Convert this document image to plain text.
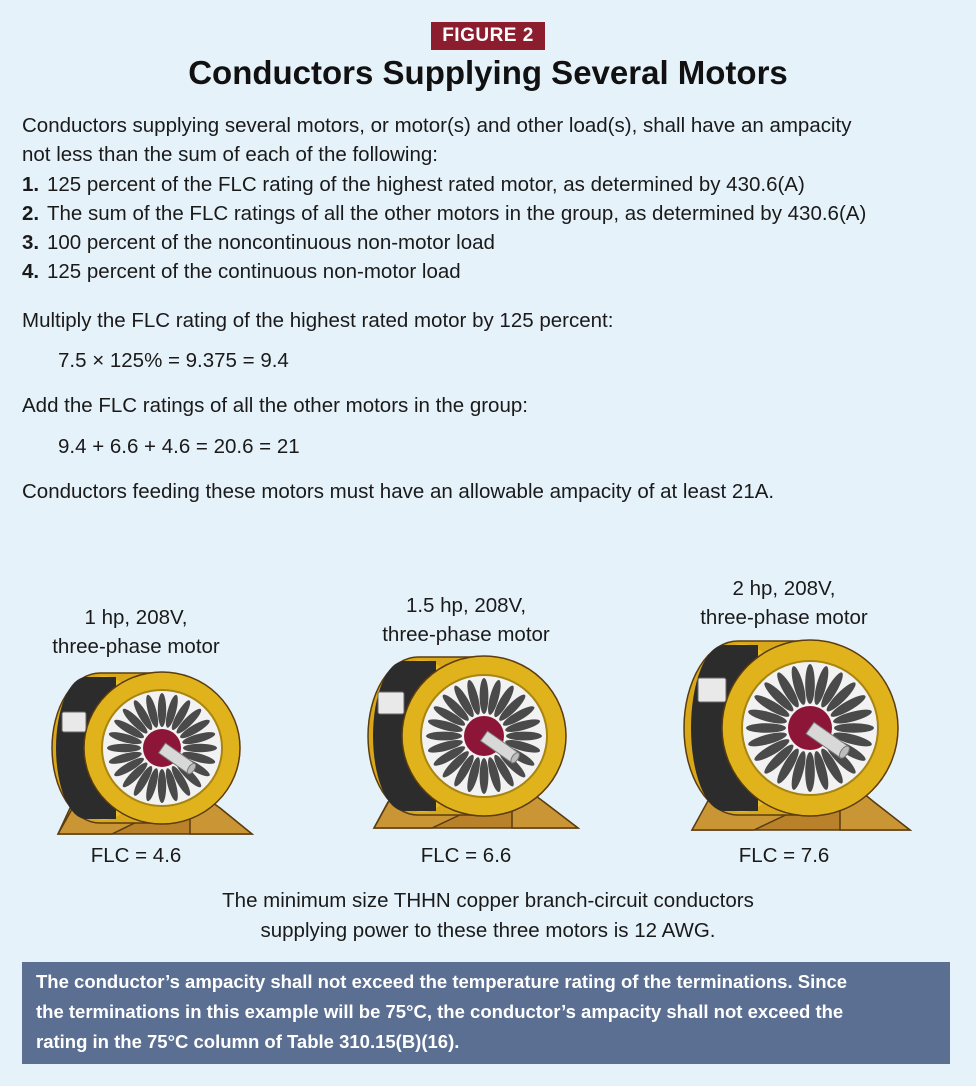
FIGURE 2
Conductors Supplying Several Motors
Conductors supplying several motors, or motor(s) and other load(s), shall have an ampacity
not less than the sum of each of the following:
1. 125 percent of the FLC rating of the highest rated motor, as determined by 430.6(A)
2. The sum of the FLC ratings of all the other motors in the group, as determined by 430.6(A)
3. 100 percent of the noncontinuous non-motor load
4. 125 percent of the continuous non-motor load
Multiply the FLC rating of the highest rated motor by 125 percent:
7.5 × 125% = 9.375 = 9.4
Add the FLC ratings of all the other motors in the group:
9.4 + 6.6 + 4.6 = 20.6 = 21
Conductors feeding these motors must have an allowable ampacity of at least 21A.
1 hp, 208V,
three-phase motor
1.5 hp, 208V,
three-phase motor
2 hp, 208V,
three-phase motor
FLC = 4.6	FLC = 6.6	FLC = 7.6
The minimum size THHN copper branch-circuit conductors
supplying power to these three motors is 12 AWG.
The conductor’s ampacity shall not exceed the temperature rating of the terminations. Since
the terminations in this example will be 75°C, the conductor’s ampacity shall not exceed the
rating in the 75°C column of Table 310.15(B)(16).
